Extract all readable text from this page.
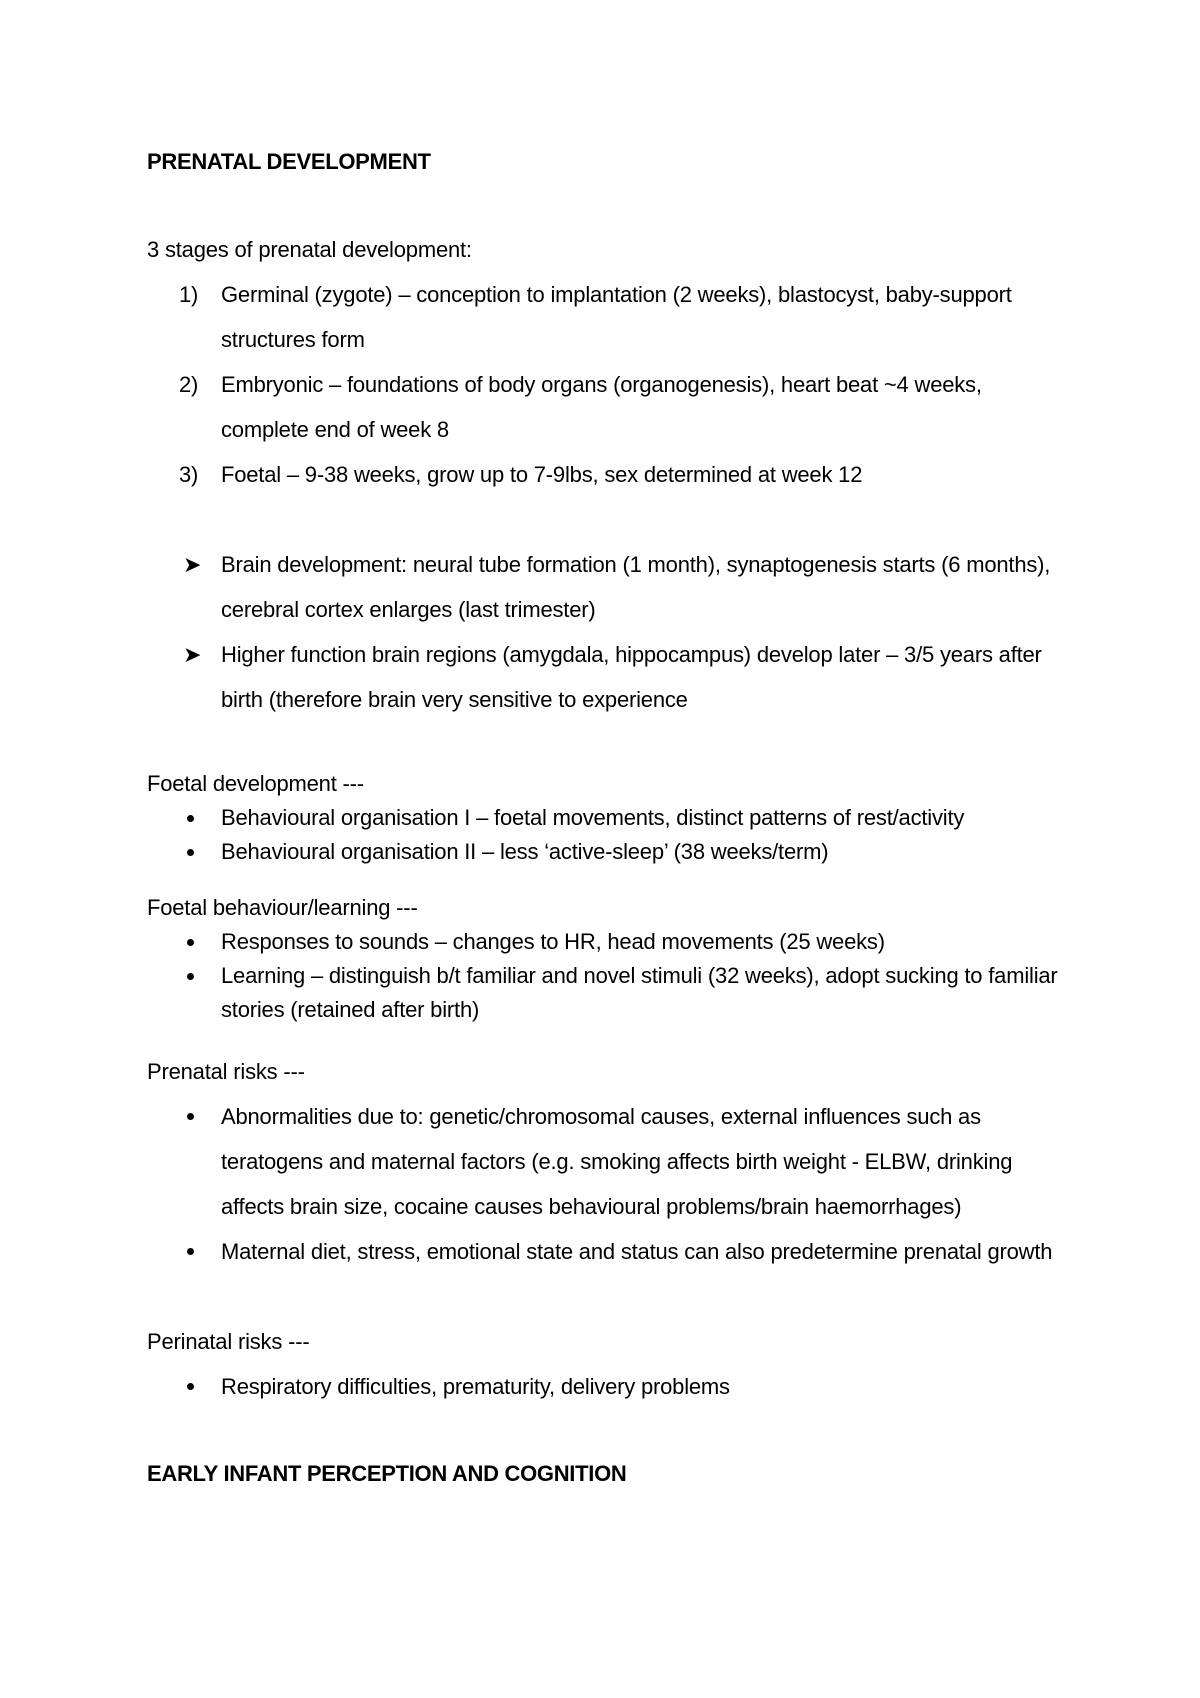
PRENATAL DEVELOPMENT

3 stages of prenatal development:

1)	Germinal (zygote) – conception to implantation (2 weeks), blastocyst, baby-support structures form

2)	Embryonic – foundations of body organs (organogenesis), heart beat ~4 weeks, complete end of week 8

3)	Foetal – 9-38 weeks, grow up to 7-9lbs, sex determined at week 12

➤ Brain development: neural tube formation (1 month), synaptogenesis starts (6 months), cerebral cortex enlarges (last trimester)

➤ Higher function brain regions (amygdala, hippocampus) develop later – 3/5 years after birth (therefore brain very sensitive to experience

Foetal development ---

Behavioural organisation I – foetal movements, distinct patterns of rest/activity

Behavioural organisation II – less ‘active-sleep’ (38 weeks/term)

Foetal behaviour/learning ---

Responses to sounds – changes to HR, head movements (25 weeks)

Learning – distinguish b/t familiar and novel stimuli (32 weeks), adopt sucking to familiar stories (retained after birth)

Prenatal risks ---

Abnormalities due to: genetic/chromosomal causes, external influences such as teratogens and maternal factors (e.g. smoking affects birth weight - ELBW, drinking affects brain size, cocaine causes behavioural problems/brain haemorrhages)

Maternal diet, stress, emotional state and status can also predetermine prenatal growth

Perinatal risks ---

Respiratory difficulties, prematurity, delivery problems

EARLY INFANT PERCEPTION AND COGNITION
